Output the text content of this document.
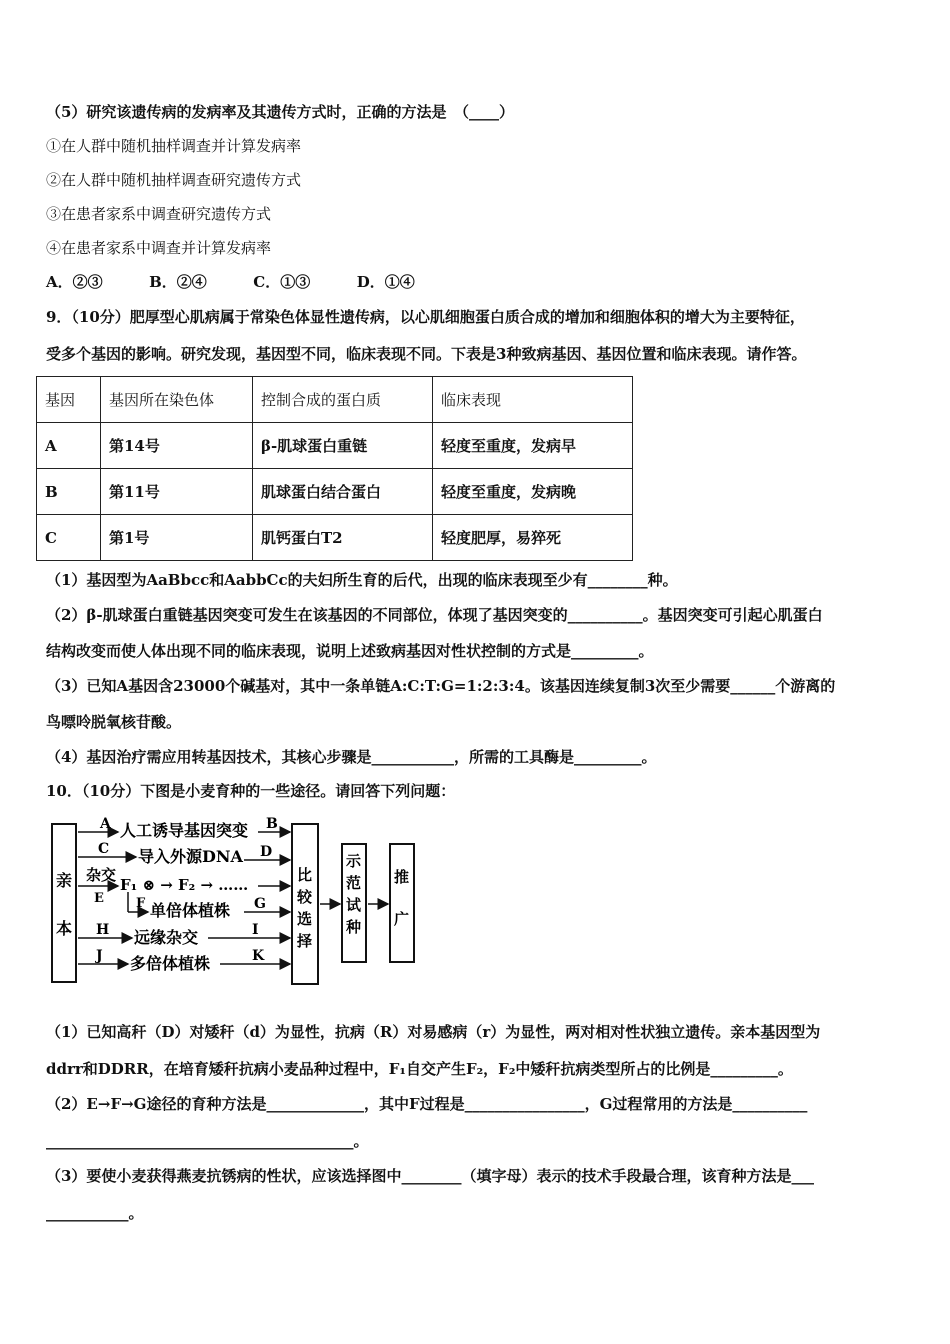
（5）研究该遗传病的发病率及其遗传方式时，正确的方法是　（____）
①在人群中随机抽样调查并计算发病率
②在人群中随机抽样调查研究遗传方式
③在患者家系中调查研究遗传方式
④在患者家系中调查并计算发病率
A．②③	B．②④	C．①③	D．①④
9．（10分）肥厚型心肌病属于常染色体显性遗传病，以心肌细胞蛋白质合成的增加和细胞体积的增大为主要特征，
受多个基因的影响。研究发现，基因型不同，临床表现不同。下表是3种致病基因、基因位置和临床表现。请作答。
基因	基因所在染色体	控制合成的蛋白质	临床表现
A	第14号	β-肌球蛋白重链	轻度至重度，发病早
B	第11号	肌球蛋白结合蛋白	轻度至重度，发病晚
C	第1号	肌钙蛋白T2	轻度肥厚，易猝死
（1）基因型为AaBbcc和AabbCc的夫妇所生育的后代，出现的临床表现至少有________种。
（2）β-肌球蛋白重链基因突变可发生在该基因的不同部位，体现了基因突变的__________。基因突变可引起心肌蛋白
结构改变而使人体出现不同的临床表现，说明上述致病基因对性状控制的方式是_________。
（3）已知A基因含23000个碱基对，其中一条单链A:C:T:G=1:2:3:4。该基因连续复制3次至少需要______个游离的
鸟嘌呤脱氧核苷酸。
（4）基因治疗需应用转基因技术，其核心步骤是___________，所需的工具酶是_________。
10．（10分）下图是小麦育种的一些途径。请回答下列问题：
亲
本
A 人工诱导基因突变 B
C 导入外源DNA D
杂交
E
F₁ ⊗ → F₂ → ……
F 单倍体植株 G
H 远缘杂交	I
J 多倍体植株	K
比较选择
示范试种
推广
（1）已知高秆（D）对矮秆（d）为显性，抗病（R）对易感病（r）为显性，两对相对性状独立遗传。亲本基因型为
ddrr和DDRR，在培育矮秆抗病小麦品种过程中，F₁自交产生F₂，F₂中矮秆抗病类型所占的比例是_________。
（2）E→F→G途径的育种方法是_____________，其中F过程是________________，G过程常用的方法是__________
_________________________________________。
（3）要使小麦获得燕麦抗锈病的性状，应该选择图中________（填字母）表示的技术手段最合理，该育种方法是___
___________。
